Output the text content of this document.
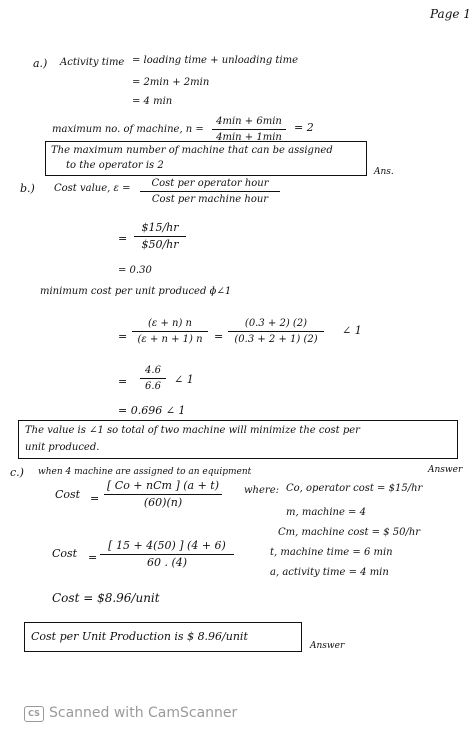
Page 1
a.) Activity time = loading time + unloading time
= 2min + 2min
= 4 min
maximum no. of machine, n =
4min + 6min
4min + 1min
= 2
The maximum number of machine that can be assigned
to the operator is 2
Ans.
b.) Cost value, ε =	Cost per operator hour
Cost per machine hour
= $\frac{\$15/hr}{\$50/hr}$
= 0.30
minimum cost per unit produced ɸ∠1
= $\frac{(\varepsilon + n) n}{(\varepsilon + n + 1) n} = \frac{(0.3 + 2) (2)}{(0.3 + 2 + 1) (2)}$ ∠ 1
= $\frac{4.6}{6.6}$ ∠ 1
= 0.696 ∠ 1
The value is ∠1 so total of two machine will minimize the cost per
unit produced.
c.) when 4 machine are assigned to an equipment	Answer
Cost =
[ Co + nCm ] (a + t)
(60)(n)
where: Co, operator cost = $15/hr
m, machine = 4
Cm, machine cost = $ 50/hr
t, machine time = 6 min
a, activity time = 4 min
Cost = $\frac{[ 15 + 4(50) ] (4 + 6)}{60 . (4)}$
Cost = $8.96/unit
Cost per Unit Production is $ 8.96/unit
Answer
CS Scanned with CamScanner
